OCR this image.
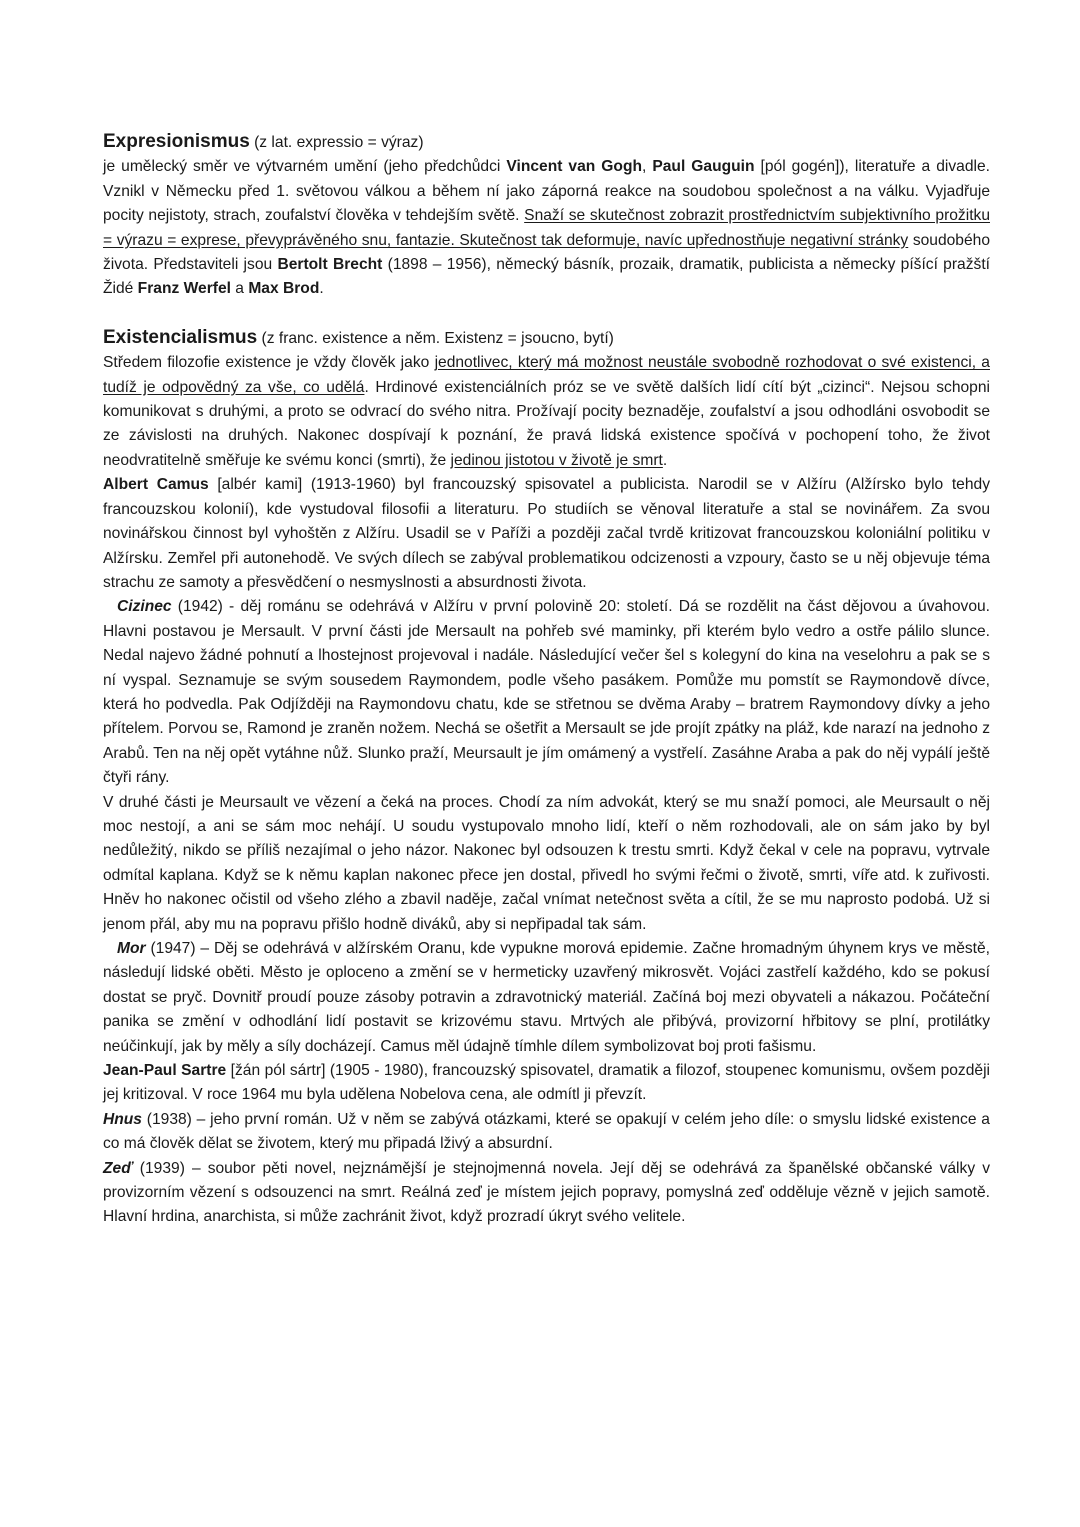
Expresionismus (z lat. expressio = výraz)

je umělecký směr ve výtvarném umění (jeho předchůdci Vincent van Gogh, Paul Gauguin [pól gogén]), literatuře a divadle. Vznikl v Německu před 1. světovou válkou a během ní jako záporná reakce na soudobou společnost a na válku. Vyjadřuje pocity nejistoty, strach, zoufalství člověka v tehdejším světě. Snaží se skutečnost zobrazit prostřednictvím subjektivního prožitku = výrazu = exprese, převyprávěného snu, fantazie. Skutečnost tak deformuje, navíc upřednostňuje negativní stránky soudobého života. Představiteli jsou Bertolt Brecht (1898 – 1956), německý básník, prozaik, dramatik, publicista a německy píšící pražští Židé Franz Werfel a Max Brod.

Existencialismus (z franc. existence a něm. Existenz = jsoucno, bytí)

Středem filozofie existence je vždy člověk jako jednotlivec, který má možnost neustále svobodně rozhodovat o své existenci, a tudíž je odpovědný za vše, co udělá. Hrdinové existenciálních próz se ve světě dalších lidí cítí být „cizinci“. Nejsou schopni komunikovat s druhými, a proto se odvrací do svého nitra. Prožívají pocity beznaděje, zoufalství a jsou odhodláni osvobodit se ze závislosti na druhých. Nakonec dospívají k poznání, že pravá lidská existence spočívá v pochopení toho, že život neodvratitelně směřuje ke svému konci (smrti), že jedinou jistotou v životě je smrt.

Albert Camus [albér kami] (1913-1960) byl francouzský spisovatel a publicista. Narodil se v Alžíru (Alžírsko bylo tehdy francouzskou kolonií), kde vystudoval filosofii a literaturu. Po studiích se věnoval literatuře a stal se novinářem. Za svou novinářskou činnost byl vyhoštěn z Alžíru. Usadil se v Paříži a později začal tvrdě kritizovat francouzskou koloniální politiku v Alžírsku. Zemřel při autonehodě. Ve svých dílech se zabýval problematikou odcizenosti a vzpoury, často se u něj objevuje téma strachu ze samoty a přesvědčení o nesmyslnosti a absurdnosti života.

Cizinec (1942) - děj románu se odehrává v Alžíru v první polovině 20: století. Dá se rozdělit na část dějovou a úvahovou. Hlavni postavou je Mersault. V první části jde Mersault na pohřeb své maminky, při kterém bylo vedro a ostře pálilo slunce. Nedal najevo žádné pohnutí a lhostejnost projevoval i nadále. Následující večer šel s kolegyní do kina na veselohru a pak se s ní vyspal. Seznamuje se svým sousedem Raymondem, podle všeho pasákem. Pomůže mu pomstít se Raymondově dívce, která ho podvedla. Pak Odjížději na Raymondovu chatu, kde se střetnou se dvěma Araby – bratrem Raymondovy dívky a jeho přítelem. Porvou se, Ramond je zraněn nožem. Nechá se ošetřit a Mersault se jde projít zpátky na pláž, kde narazí na jednoho z Arabů. Ten na něj opět vytáhne nůž. Slunko praží, Meursault je jím omámený a vystřelí. Zasáhne Araba a pak do něj vypálí ještě čtyři rány.

V druhé části je Meursault ve vězení a čeká na proces. Chodí za ním advokát, který se mu snaží pomoci, ale Meursault o něj moc nestojí, a ani se sám moc nehájí. U soudu vystupovalo mnoho lidí, kteří o něm rozhodovali, ale on sám jako by byl nedůležitý, nikdo se příliš nezajímal o jeho názor. Nakonec byl odsouzen k trestu smrti. Když čekal v cele na popravu, vytrvale odmítal kaplana. Když se k němu kaplan nakonec přece jen dostal, přivedl ho svými řečmi o životě, smrti, víře atd. k zuřivosti. Hněv ho nakonec očistil od všeho zlého a zbavil naděje, začal vnímat netečnost světa a cítil, že se mu naprosto podobá. Už si jenom přál, aby mu na popravu přišlo hodně diváků, aby si nepřipadal tak sám.

Mor (1947) – Děj se odehrává v alžírském Oranu, kde vypukne morová epidemie. Začne hromadným úhynem krys ve městě, následují lidské oběti. Město je oploceno a změní se v hermeticky uzavřený mikrosvět. Vojáci zastřelí každého, kdo se pokusí dostat se pryč. Dovnitř proudí pouze zásoby potravin a zdravotnický materiál. Začíná boj mezi obyvateli a nákazou. Počáteční panika se změní v odhodlání lidí postavit se krizovému stavu. Mrtvých ale přibývá, provizorní hřbitovy se plní, protilátky neúčinkují, jak by měly a síly docházejí. Camus měl údajně tímhle dílem symbolizovat boj proti fašismu.

Jean-Paul Sartre [žán pól sártr] (1905 - 1980), francouzský spisovatel, dramatik a filozof, stoupenec komunismu, ovšem později jej kritizoval. V roce 1964 mu byla udělena Nobelova cena, ale odmítl ji převzít.

Hnus (1938) – jeho první román. Už v něm se zabývá otázkami, které se opakují v celém jeho díle: o smyslu lidské existence a co má člověk dělat se životem, který mu připadá lživý a absurdní.

Zeď (1939) – soubor pěti novel, nejznámější je stejnojmenná novela. Její děj se odehrává za španělské občanské války v provizorním vězení s odsouzenci na smrt. Reálná zeď je místem jejich popravy, pomyslná zeď odděluje vězně v jejich samotě. Hlavní hrdina, anarchista, si může zachránit život, když prozradí úkryt svého velitele.
